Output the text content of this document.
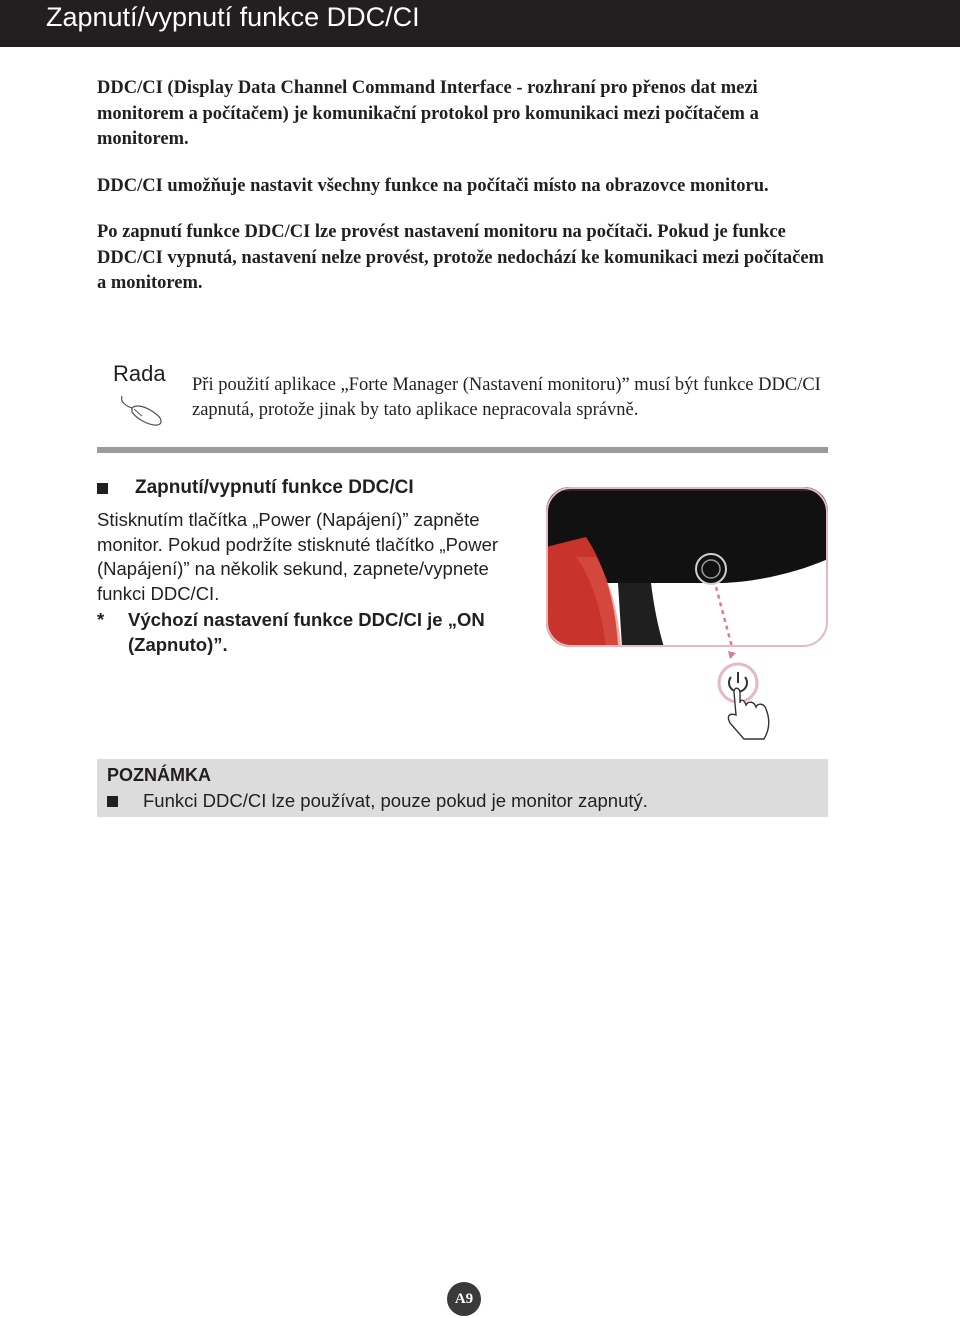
Zapnutí/vypnutí funkce DDC/CI

DDC/CI (Display Data Channel Command Interface - rozhraní pro přenos dat mezi monitorem a počítačem) je komunikační protokol pro komunikaci mezi počítačem a monitorem.

DDC/CI umožňuje nastavit všechny funkce na počítači místo na obrazovce monitoru.

Po zapnutí funkce DDC/CI lze provést nastavení monitoru na počítači. Pokud je funkce DDC/CI vypnutá, nastavení nelze provést, protože nedochází ke komunikaci mezi počítačem a monitorem.

Rada Při použití aplikace „Forte Manager (Nastavení monitoru)” musí být funkce DDC/CI zapnutá, protože jinak by tato aplikace nepracovala správně.
Zapnutí/vypnutí funkce DDC/CI
Stisknutím tlačítka „Power (Napájení)” zapněte monitor. Pokud podržíte stisknuté tlačítko „Power (Napájení)” na několik sekund, zapnete/vypnete funkci DDC/CI.
* Výchozí nastavení funkce DDC/CI je „ON (Zapnuto)”.
POZNÁMKA
Funkci DDC/CI lze používat, pouze pokud je monitor zapnutý.
A9
